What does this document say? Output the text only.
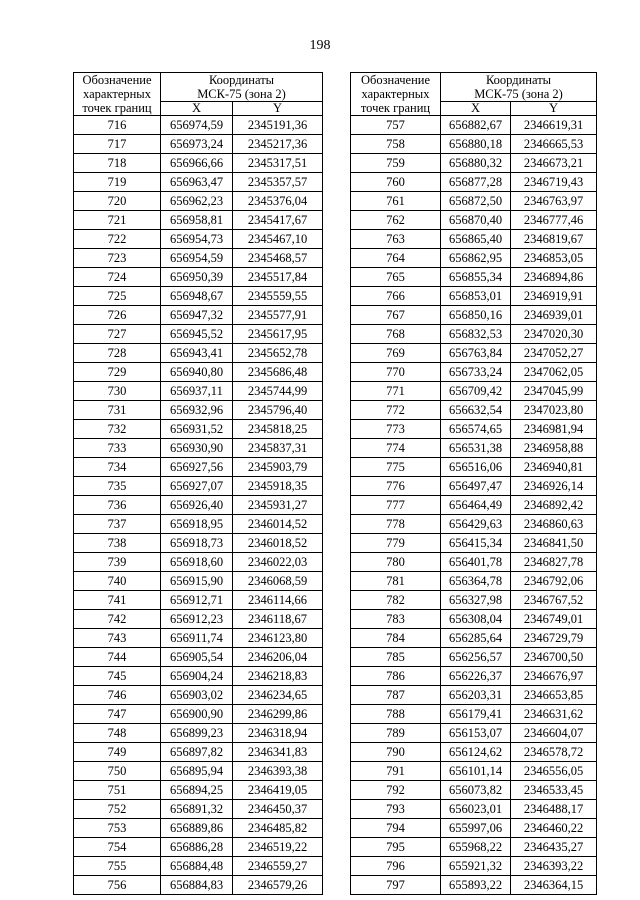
198
Обозначение
характерных
точек границ	Координаты
МСК-75 (зона 2)	
	X	Y
716	656974,59	2345191,36
717	656973,24	2345217,36
718	656966,66	2345317,51
719	656963,47	2345357,57
720	656962,23	2345376,04
721	656958,81	2345417,67
722	656954,73	2345467,10
723	656954,59	2345468,57
724	656950,39	2345517,84
725	656948,67	2345559,55
726	656947,32	2345577,91
727	656945,52	2345617,95
728	656943,41	2345652,78
729	656940,80	2345686,48
730	656937,11	2345744,99
731	656932,96	2345796,40
732	656931,52	2345818,25
733	656930,90	2345837,31
734	656927,56	2345903,79
735	656927,07	2345918,35
736	656926,40	2345931,27
737	656918,95	2346014,52
738	656918,73	2346018,52
739	656918,60	2346022,03
740	656915,90	2346068,59
741	656912,71	2346114,66
742	656912,23	2346118,67
743	656911,74	2346123,80
744	656905,54	2346206,04
745	656904,24	2346218,83
746	656903,02	2346234,65
747	656900,90	2346299,86
748	656899,23	2346318,94
749	656897,82	2346341,83
750	656895,94	2346393,38
751	656894,25	2346419,05
752	656891,32	2346450,37
753	656889,86	2346485,82
754	656886,28	2346519,22
755	656884,48	2346559,27
756	656884,83	2346579,26
Обозначение
характерных
точек границ	Координаты
МСК-75 (зона 2)	
	X	Y
757	656882,67	2346619,31
758	656880,18	2346665,53
759	656880,32	2346673,21
760	656877,28	2346719,43
761	656872,50	2346763,97
762	656870,40	2346777,46
763	656865,40	2346819,67
764	656862,95	2346853,05
765	656855,34	2346894,86
766	656853,01	2346919,91
767	656850,16	2346939,01
768	656832,53	2347020,30
769	656763,84	2347052,27
770	656733,24	2347062,05
771	656709,42	2347045,99
772	656632,54	2347023,80
773	656574,65	2346981,94
774	656531,38	2346958,88
775	656516,06	2346940,81
776	656497,47	2346926,14
777	656464,49	2346892,42
778	656429,63	2346860,63
779	656415,34	2346841,50
780	656401,78	2346827,78
781	656364,78	2346792,06
782	656327,98	2346767,52
783	656308,04	2346749,01
784	656285,64	2346729,79
785	656256,57	2346700,50
786	656226,37	2346676,97
787	656203,31	2346653,85
788	656179,41	2346631,62
789	656153,07	2346604,07
790	656124,62	2346578,72
791	656101,14	2346556,05
792	656073,82	2346533,45
793	656023,01	2346488,17
794	655997,06	2346460,22
795	655968,22	2346435,27
796	655921,32	2346393,22
797	655893,22	2346364,15
